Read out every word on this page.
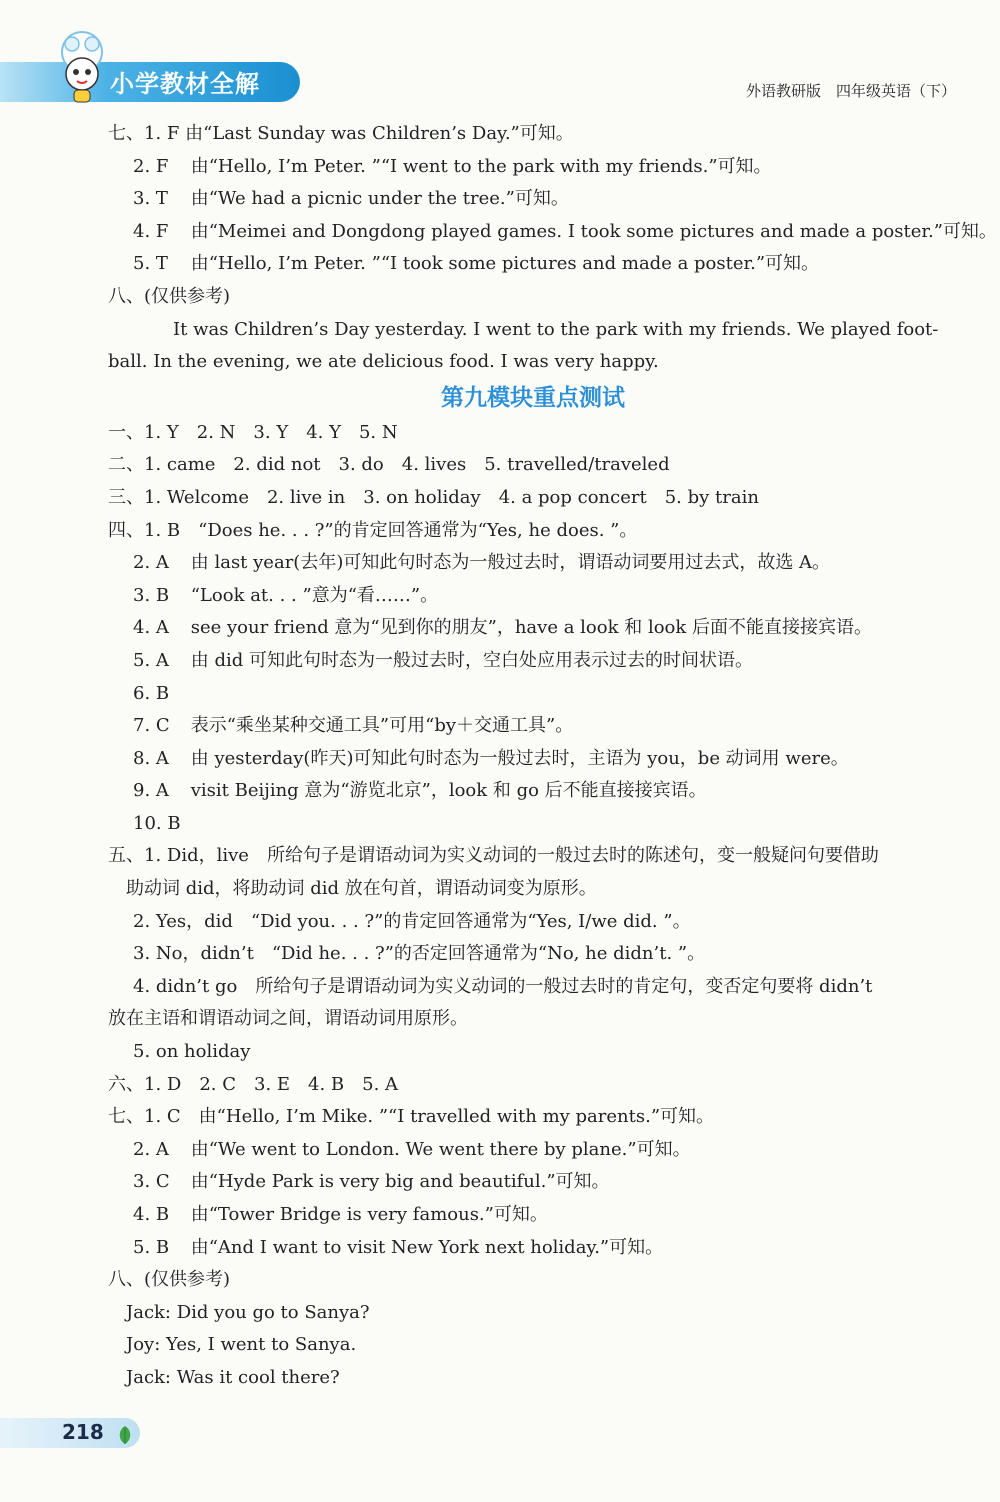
小学教材全解	外语教研版　四年级英语（下）
七、1. F 由“Last Sunday was Children’s Day.”可知。
2. F 由“Hello, I’m Peter. ”“I went to the park with my friends.”可知。
3. T 由“We had a picnic under the tree.”可知。
4. F 由“Meimei and Dongdong played games. I took some pictures and made a poster.”可知。
5. T 由“Hello, I’m Peter. ”“I took some pictures and made a poster.”可知。
八、(仅供参考)
It was Children’s Day yesterday. I went to the park with my friends. We played foot-
ball. In the evening, we ate delicious food. I was very happy.
第九模块重点测试
一、1. Y　2. N　3. Y　4. Y　5. N
二、1. came　2. did not　3. do　4. lives　5. travelled/traveled
三、1. Welcome　2. live in　3. on holiday　4. a pop concert　5. by train
四、1. B　 “Does he. . . ?”的肯定回答通常为“Yes, he does. ”。
2. A 由 last year(去年)可知此句时态为一般过去时，谓语动词要用过去式，故选 A。
3. B “Look at. . . ”意为“看……”。
4. A see your friend 意为“见到你的朋友”，have a look 和 look 后面不能直接接宾语。
5. A 由 did 可知此句时态为一般过去时，空白处应用表示过去的时间状语。
6. B
7. C 表示“乘坐某种交通工具”可用“by＋交通工具”。
8. A 由 yesterday(昨天)可知此句时态为一般过去时，主语为 you，be 动词用 were。
9. A visit Beijing 意为“游览北京”，look 和 go 后不能直接接宾语。
10. B
五、1. Did，live　所给句子是谓语动词为实义动词的一般过去时的陈述句，变一般疑问句要借助
助动词 did，将助动词 did 放在句首，谓语动词变为原形。
2. Yes，did　“Did you. . . ?”的肯定回答通常为“Yes, I/we did. ”。
3. No，didn’t　“Did he. . . ?”的否定回答通常为“No, he didn’t. ”。
4. didn’t go　所给句子是谓语动词为实义动词的一般过去时的肯定句，变否定句要将 didn’t
放在主语和谓语动词之间，谓语动词用原形。
5. on holiday
六、1. D　2. C　3. E　4. B　5. A
七、1. C　 由“Hello, I’m Mike. ”“I travelled with my parents.”可知。
2. A 由“We went to London. We went there by plane.”可知。
3. C 由“Hyde Park is very big and beautiful.”可知。
4. B 由“Tower Bridge is very famous.”可知。
5. B 由“And I want to visit New York next holiday.”可知。
八、(仅供参考)
Jack: Did you go to Sanya?
Joy: Yes, I went to Sanya.
Jack: Was it cool there?
218
